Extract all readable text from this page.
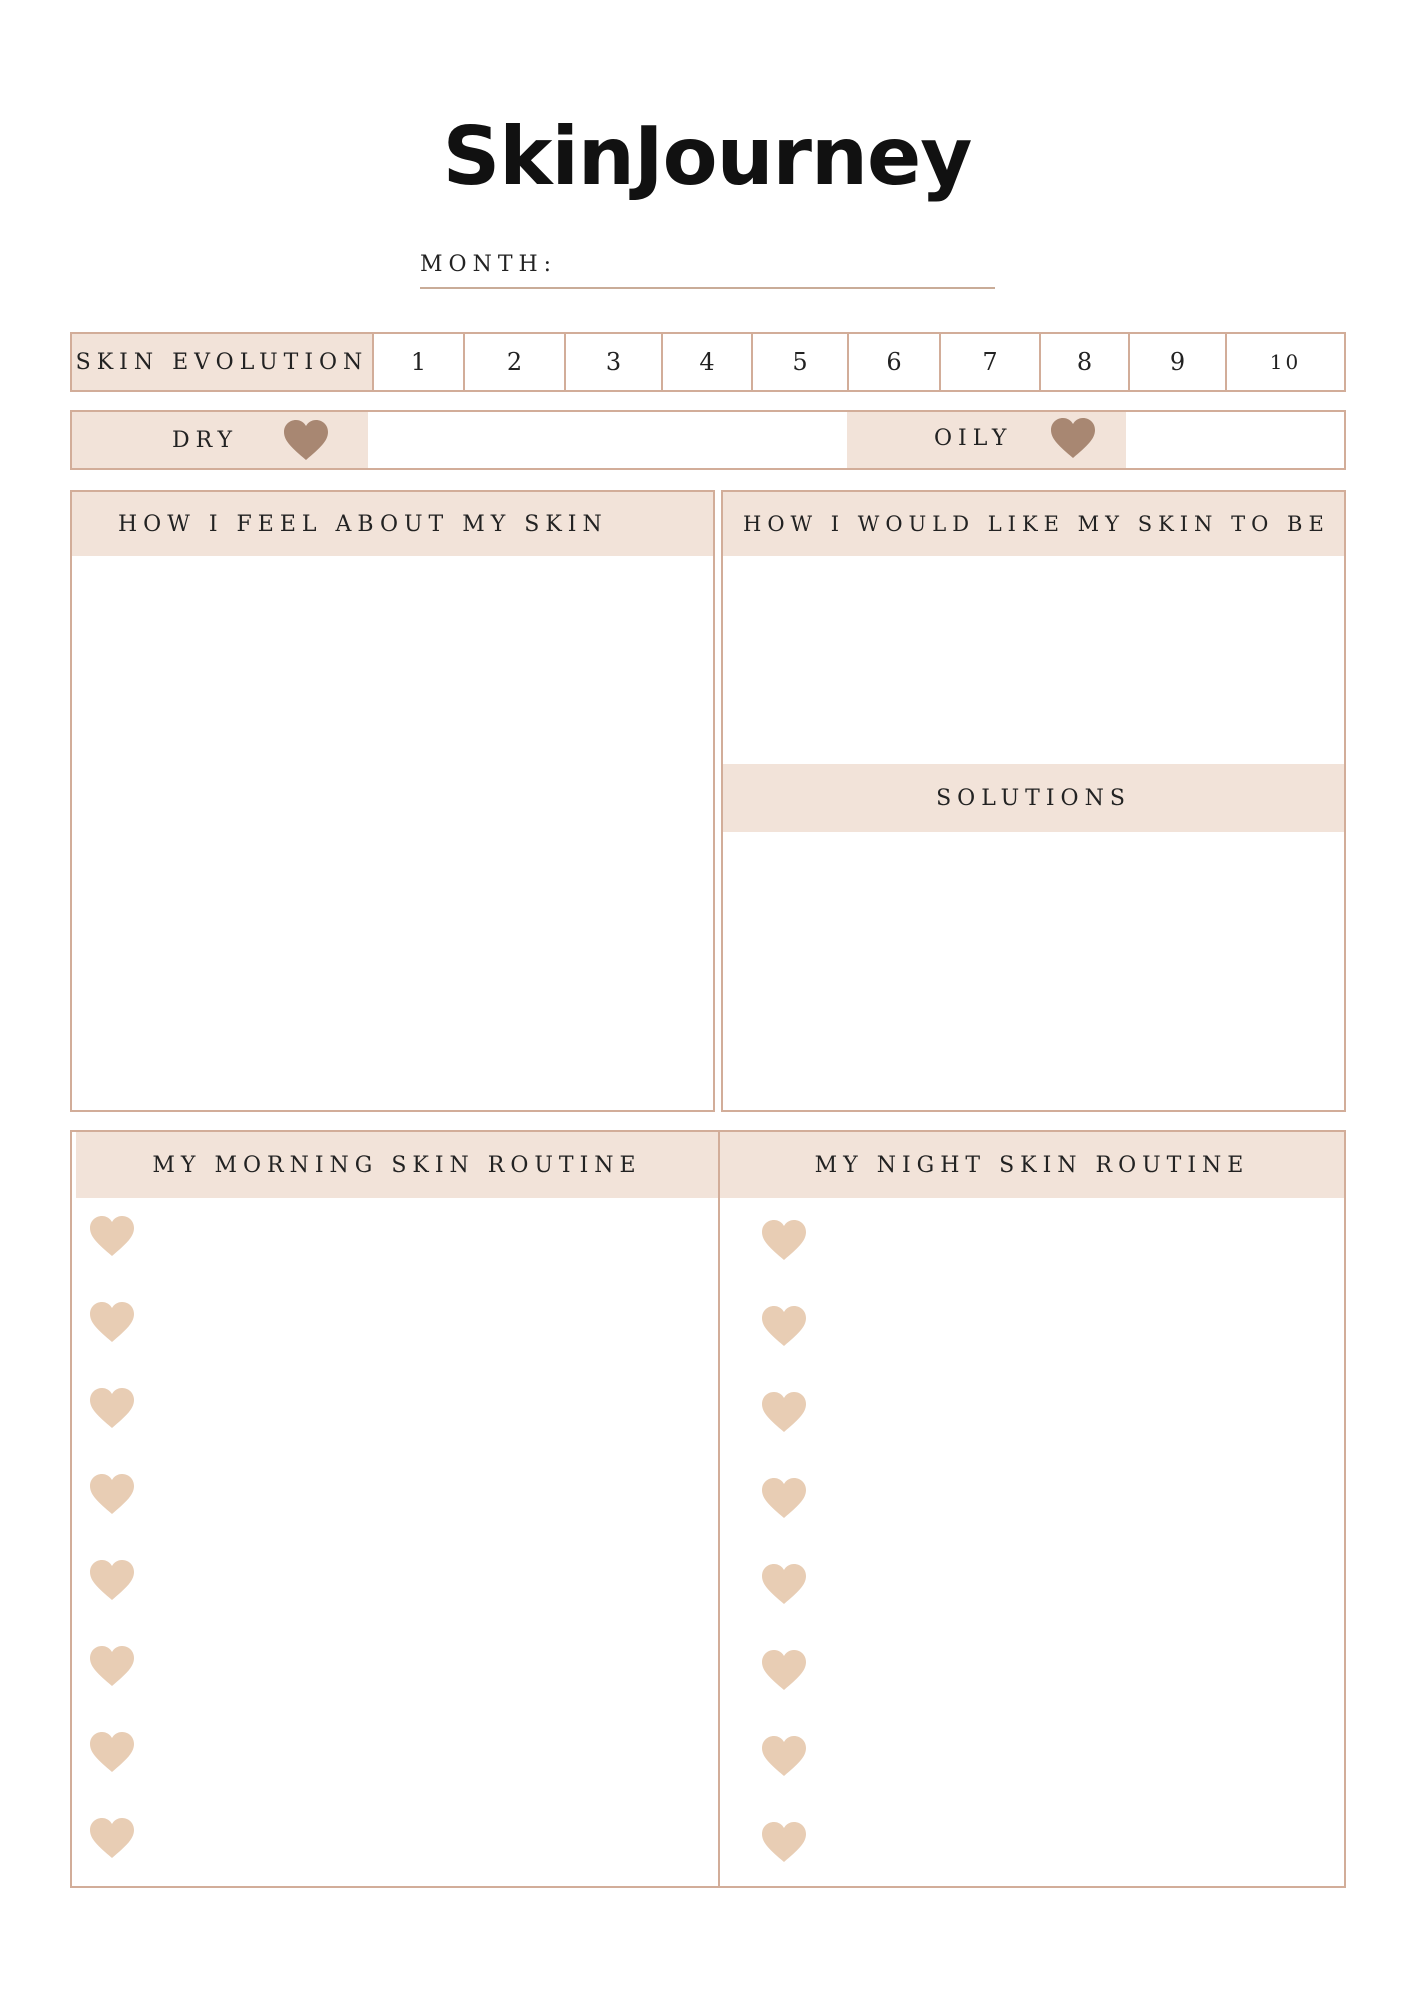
SkinJourney
MONTH:
SKIN EVOLUTION	1	2	3	4	5	6	7	8	9	10
DRY	OILY
HOW I FEEL ABOUT MY SKIN	HOW I WOULD LIKE MY SKIN TO BE
SOLUTIONS
MY MORNING SKIN ROUTINE	MY NIGHT SKIN ROUTINE
